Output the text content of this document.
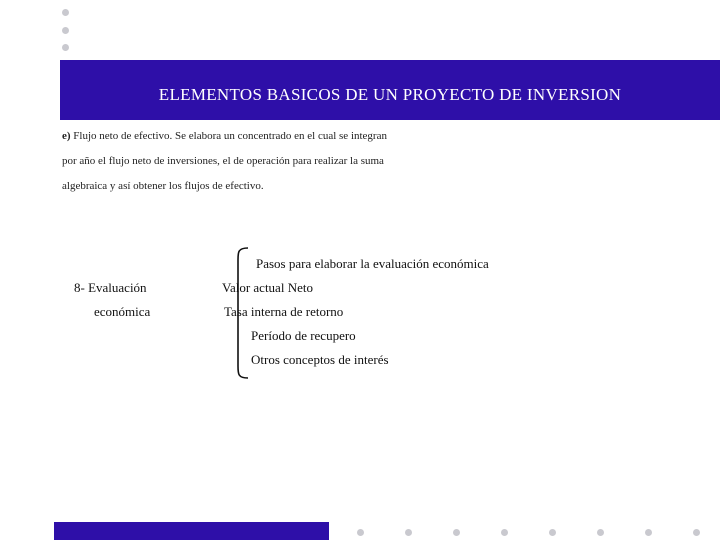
ELEMENTOS BASICOS DE UN PROYECTO DE INVERSION
e) Flujo neto de efectivo. Se elabora un concentrado en el cual se integran
por año el flujo neto de inversiones, el de operación para realizar la suma
algebraica y así obtener los flujos de efectivo.
8- Evaluación
económica
Pasos para elaborar la evaluación económica
Valor actual Neto
Tasa interna de retorno
Período de recupero
Otros conceptos de interés
